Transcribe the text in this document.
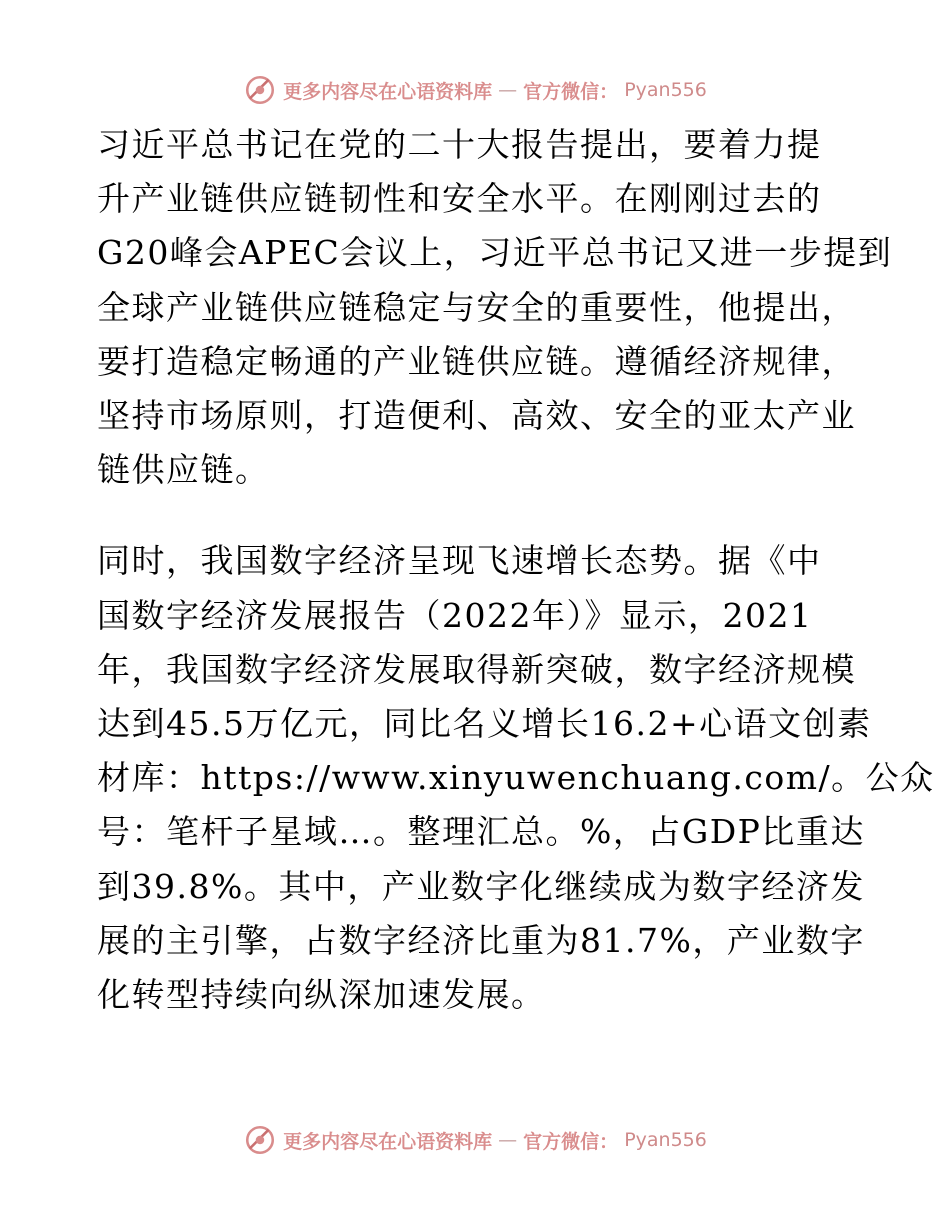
更多内容尽在心语资料库 — 官方微信： Pyan556

习近平总书记在党的二十大报告提出，要着力提
升产业链供应链韧性和安全水平。在刚刚过去的
G20峰会APEC会议上，习近平总书记又进一步提到
全球产业链供应链稳定与安全的重要性，他提出，
要打造稳定畅通的产业链供应链。遵循经济规律，
坚持市场原则，打造便利、高效、安全的亚太产业
链供应链。

同时，我国数字经济呈现飞速增长态势。据《中
国数字经济发展报告（2022年）》显示，2021
年，我国数字经济发展取得新突破，数字经济规模
达到45.5万亿元，同比名义增长16.2+心语文创素
材库：https://www.xinyuwenchuang.com/。公众
号：笔杆子星域…。整理汇总。%，占GDP比重达
到39.8%。其中，产业数字化继续成为数字经济发
展的主引擎，占数字经济比重为81.7%，产业数字
化转型持续向纵深加速发展。

更多内容尽在心语资料库 — 官方微信： Pyan556
